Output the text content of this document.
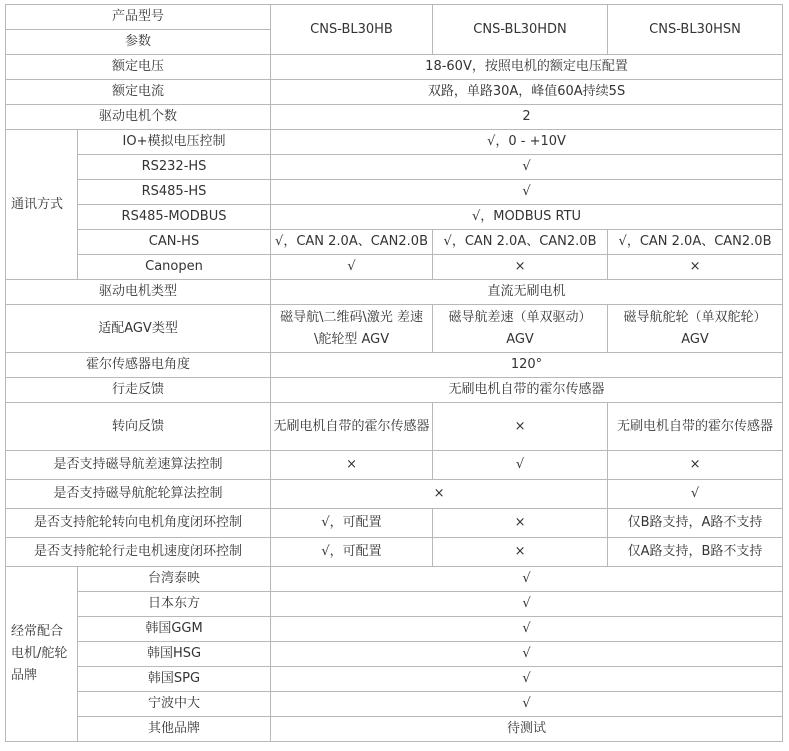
产品型号		CNS-BL30HB	CNS-BL30HDN	CNS-BL30HSN
参数				
额定电压		18-60V，按照电机的额定电压配置		
额定电流		双路，单路30A，峰值60A持续5S		
驱动电机个数		2		
通讯方式	IO+模拟电压控制	√，0 - +10V		
	RS232-HS	√		
	RS485-HS	√		
	RS485-MODBUS	√，MODBUS RTU		
	CAN-HS	√，CAN 2.0A、CAN2.0B	√，CAN 2.0A、CAN2.0B	√，CAN 2.0A、CAN2.0B
	Canopen	√	×	×
驱动电机类型		直流无刷电机		
适配AGV类型		磁导航\二维码\激光 差速\舵轮型 AGV	磁导航差速（单双驱动）AGV	磁导航舵轮（单双舵轮）AGV
霍尔传感器电角度		120°		
行走反馈		无刷电机自带的霍尔传感器		
转向反馈		无刷电机自带的霍尔传感器	×	无刷电机自带的霍尔传感器
是否支持磁导航差速算法控制		×	√	×
是否支持磁导航舵轮算法控制		×		√
是否支持舵轮转向电机角度闭环控制		√，可配置	×	仅B路支持，A路不支持
是否支持舵轮行走电机速度闭环控制		√，可配置	×	仅A路支持，B路不支持
经常配合电机/舵轮品牌	台湾泰映	√		
	日本东方	√		
	韩国GGM	√		
	韩国HSG	√		
	韩国SPG	√		
	宁波中大	√		
	其他品牌	待测试		
